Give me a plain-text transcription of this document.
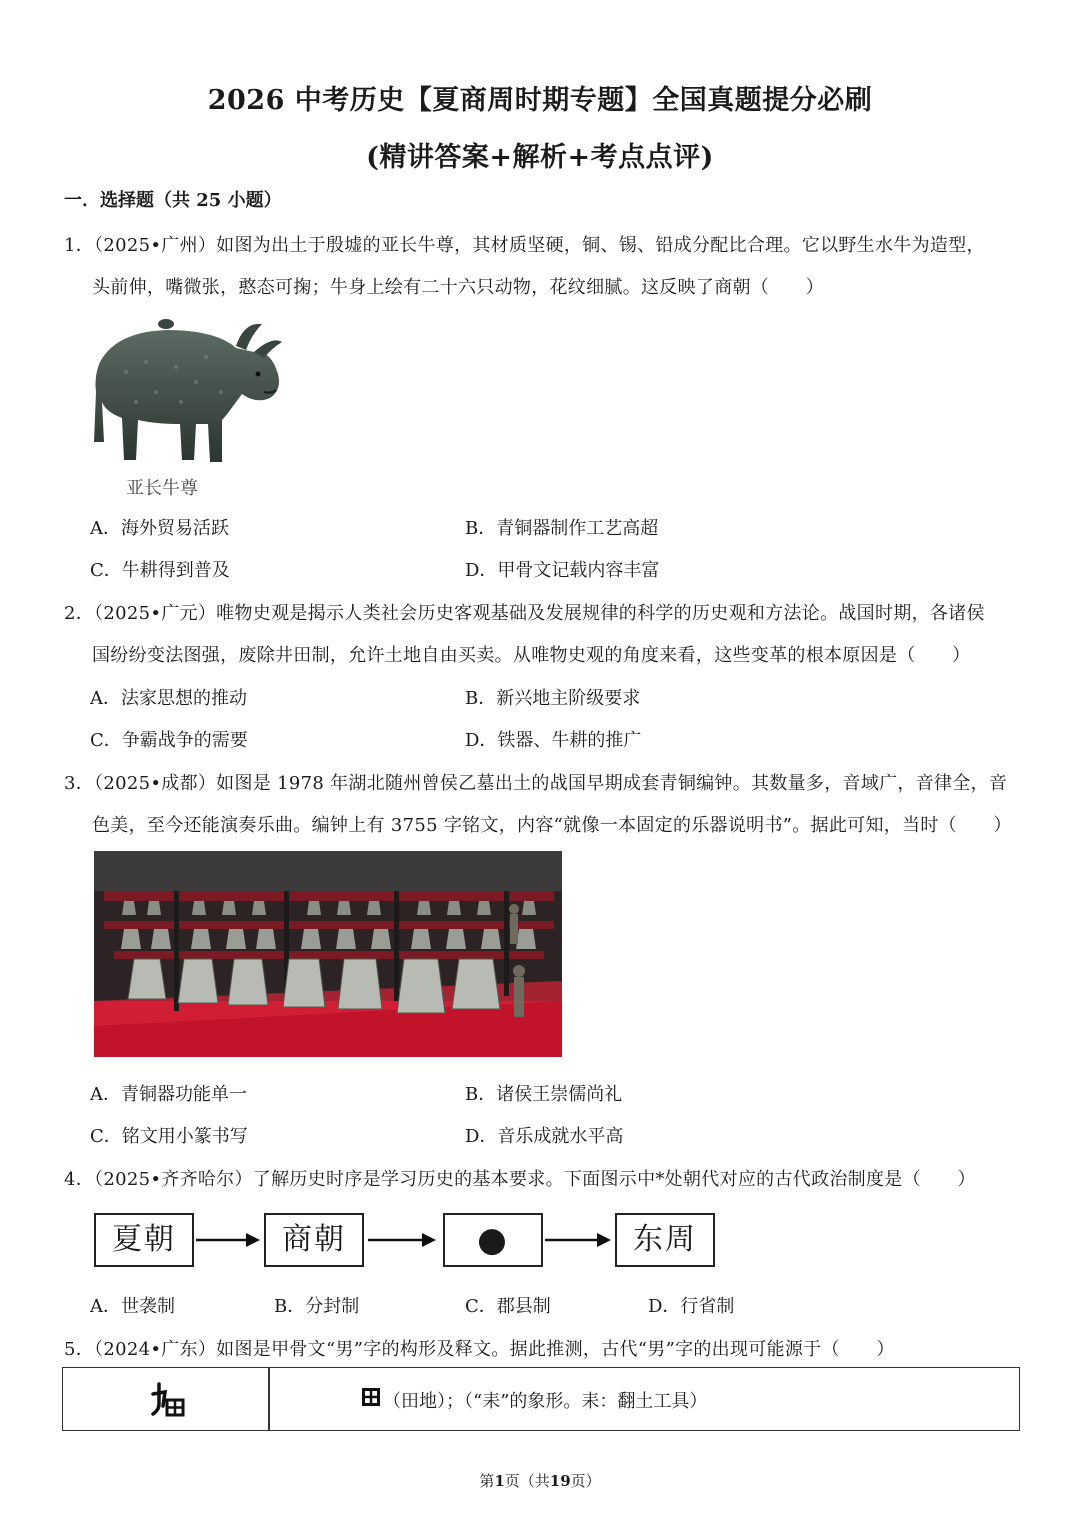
2026 中考历史【夏商周时期专题】全国真题提分必刷
(精讲答案+解析+考点点评)
一．选择题（共 25 小题）
1．（2025•广州）如图为出土于殷墟的亚长牛尊，其材质坚硬，铜、锡、铅成分配比合理。它以野生水牛为造型，
头前伸，嘴微张，憨态可掬；牛身上绘有二十六只动物，花纹细腻。这反映了商朝（　　）
亚长牛尊
A．海外贸易活跃	B．青铜器制作工艺高超
C．牛耕得到普及	D．甲骨文记载内容丰富
2．（2025•广元）唯物史观是揭示人类社会历史客观基础及发展规律的科学的历史观和方法论。战国时期，各诸侯
国纷纷变法图强，废除井田制，允许土地自由买卖。从唯物史观的角度来看，这些变革的根本原因是（　　）
A．法家思想的推动	B．新兴地主阶级要求
C．争霸战争的需要	D．铁器、牛耕的推广
3．（2025•成都）如图是 1978 年湖北随州曾侯乙墓出土的战国早期成套青铜编钟。其数量多，音域广，音律全，音
色美，至今还能演奏乐曲。编钟上有 3755 字铭文，内容“就像一本固定的乐器说明书”。据此可知，当时（　　）
A．青铜器功能单一	B．诸侯王崇儒尚礼
C．铭文用小篆书写	D．音乐成就水平高
4．（2025•齐齐哈尔）了解历史时序是学习历史的基本要求。下面图示中*处朝代对应的古代政治制度是（　　）
夏朝	商朝	●	东周
A．世袭制	B．分封制	C．郡县制	D．行省制
5．（2024•广东）如图是甲骨文“男”字的构形及释文。据此推测，古代“男”字的出现可能源于（　　）
（田地）；（“耒”的象形。耒：翻土工具）
第1页（共19页）
